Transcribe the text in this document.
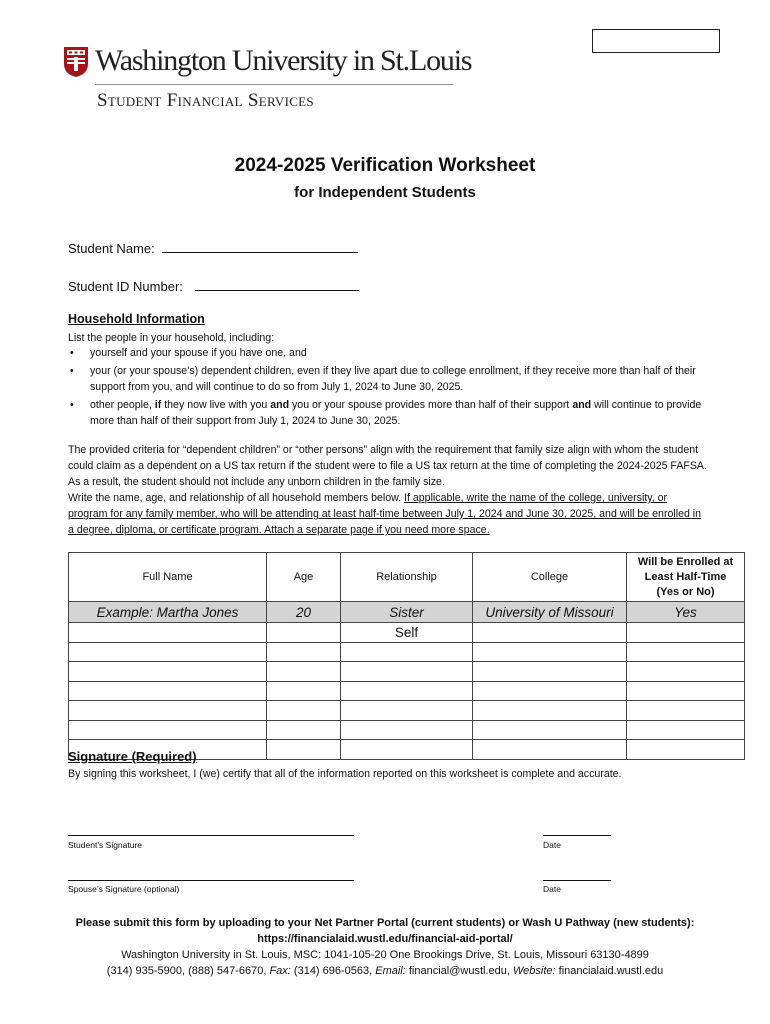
Washington University in St.Louis
Student Financial Services
2024-2025 Verification Worksheet
for Independent Students
Student Name:
Student ID Number:
Household Information
List the people in your household, including:
• yourself and your spouse if you have one, and
• your (or your spouse’s) dependent children, even if they live apart due to college enrollment, if they receive more than half of their support from you, and will continue to do so from July 1, 2024 to June 30, 2025.
• other people, if they now live with you and you or your spouse provides more than half of their support and will continue to provide more than half of their support from July 1, 2024 to June 30, 2025.
The provided criteria for “dependent children” or “other persons” align with the requirement that family size align with whom the student could claim as a dependent on a US tax return if the student were to file a US tax return at the time of completing the 2024-2025 FAFSA. As a result, the student should not include any unborn children in the family size.
Write the name, age, and relationship of all household members below. If applicable, write the name of the college, university, or program for any family member, who will be attending at least half-time between July 1, 2024 and June 30, 2025, and will be enrolled in a degree, diploma, or certificate program. Attach a separate page if you need more space.
Full Name	Age	Relationship	College	Will be Enrolled at Least Half-Time (Yes or No)
Example: Martha Jones	20	Sister	University of Missouri	Yes
		Self		

Signature (Required)
By signing this worksheet, I (we) certify that all of the information reported on this worksheet is complete and accurate.
Student’s Signature	Date
Spouse’s Signature (optional)	Date
Please submit this form by uploading to your Net Partner Portal (current students) or Wash U Pathway (new students):
https://financialaid.wustl.edu/financial-aid-portal/
Washington University in St. Louis, MSC: 1041-105-20 One Brookings Drive, St. Louis, Missouri 63130-4899
(314) 935-5900, (888) 547-6670, Fax: (314) 696-0563, Email: financial@wustl.edu, Website: financialaid.wustl.edu
